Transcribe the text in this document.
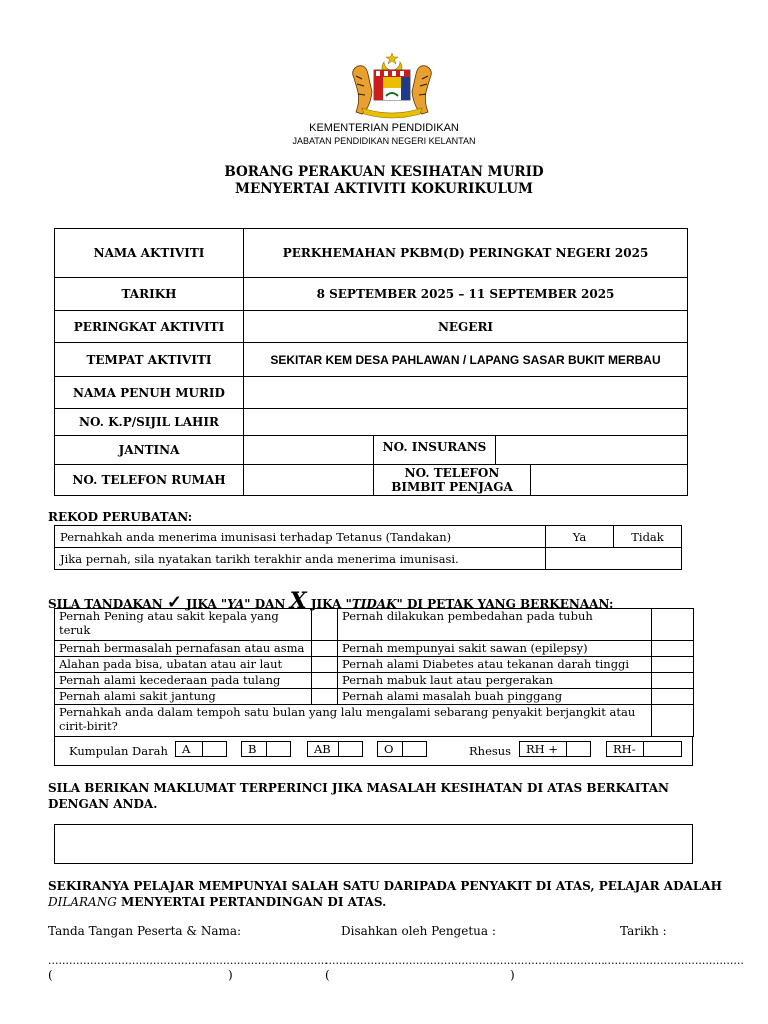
KEMENTERIAN PENDIDIKAN
JABATAN PENDIDIKAN NEGERI KELANTAN
BORANG PERAKUAN KESIHATAN MURID
MENYERTAI AKTIVITI KOKURIKULUM
NAMA AKTIVITI	PERKHEMAHAN PKBM(D) PERINGKAT NEGERI 2025			
TARIKH	8 SEPTEMBER 2025 – 11 SEPTEMBER 2025			
PERINGKAT AKTIVITI	NEGERI			
TEMPAT AKTIVITI	SEKITAR KEM DESA PAHLAWAN / LAPANG SASAR BUKIT MERBAU			
NAMA PENUH MURID				
NO. K.P/SIJIL LAHIR				
JANTINA		NO. INSURANS		
NO. TELEFON RUMAH		NO. TELEFON BIMBIT PENJAGA		
REKOD PERUBATAN:
Pernahkah anda menerima imunisasi terhadap Tetanus (Tandakan)	Ya	Tidak
Jika pernah, sila nyatakan tarikh terakhir anda menerima imunisasi.		
SILA TANDAKAN ✓ JIKA "YA" DAN X JIKA "TIDAK" DI PETAK YANG BERKENAAN:
Pernah Pening atau sakit kepala yang teruk		Pernah dilakukan pembedahan pada tubuh	
Pernah bermasalah pernafasan atau asma		Pernah mempunyai sakit sawan (epilepsy)	
Alahan pada bisa, ubatan atau air laut		Pernah alami Diabetes atau tekanan darah tinggi	
Pernah alami kecederaan pada tulang		Pernah mabuk laut atau pergerakan	
Pernah alami sakit jantung		Pernah alami masalah buah pinggang	
Pernahkah anda dalam tempoh satu bulan yang lalu mengalami sebarang penyakit berjangkit atau cirit-birit?			
Kumpulan Darah A	B	AB	O	Rhesus RH +	RH-
SILA BERIKAN MAKLUMAT TERPERINCI JIKA MASALAH KESIHATAN DI ATAS BERKAITAN DENGAN ANDA.
SEKIRANYA PELAJAR MEMPUNYAI SALAH SATU DARIPADA PENYAKIT DI ATAS, PELAJAR ADALAH
DILARANG MENYERTAI PERTANDINGAN DI ATAS.
Tanda Tangan Peserta & Nama:	Disahkan oleh Pengetua :	Tarikh :
................................................................................
................................................................................ ........................................
(	)	(	)
